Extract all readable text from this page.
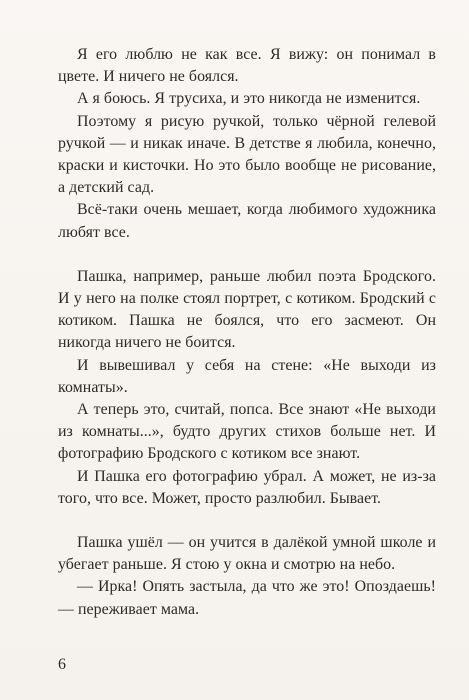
Я его люблю не как все. Я вижу: он понимал в цвете. И ничего не боялся.

А я боюсь. Я трусиха, и это никогда не изменится.

Поэтому я рисую ручкой, только чёрной гелевой ручкой — и никак иначе. В детстве я любила, конечно, краски и кисточки. Но это было вообще не рисование, а детский сад.

Всё-таки очень мешает, когда любимого художника любят все.

Пашка, например, раньше любил поэта Бродского. И у него на полке стоял портрет, с котиком. Бродский с котиком. Пашка не боялся, что его засмеют. Он никогда ничего не боится.

И вывешивал у себя на стене: «Не выходи из комнаты».

А теперь это, считай, попса. Все знают «Не выходи из комнаты...», будто других стихов больше нет. И фотографию Бродского с котиком все знают.

И Пашка его фотографию убрал. А может, не из-за того, что все. Может, просто разлюбил. Бывает.

Пашка ушёл — он учится в далёкой умной школе и убегает раньше. Я стою у окна и смотрю на небо.

— Ирка! Опять застыла, да что же это! Опоздаешь! — переживает мама.

6
